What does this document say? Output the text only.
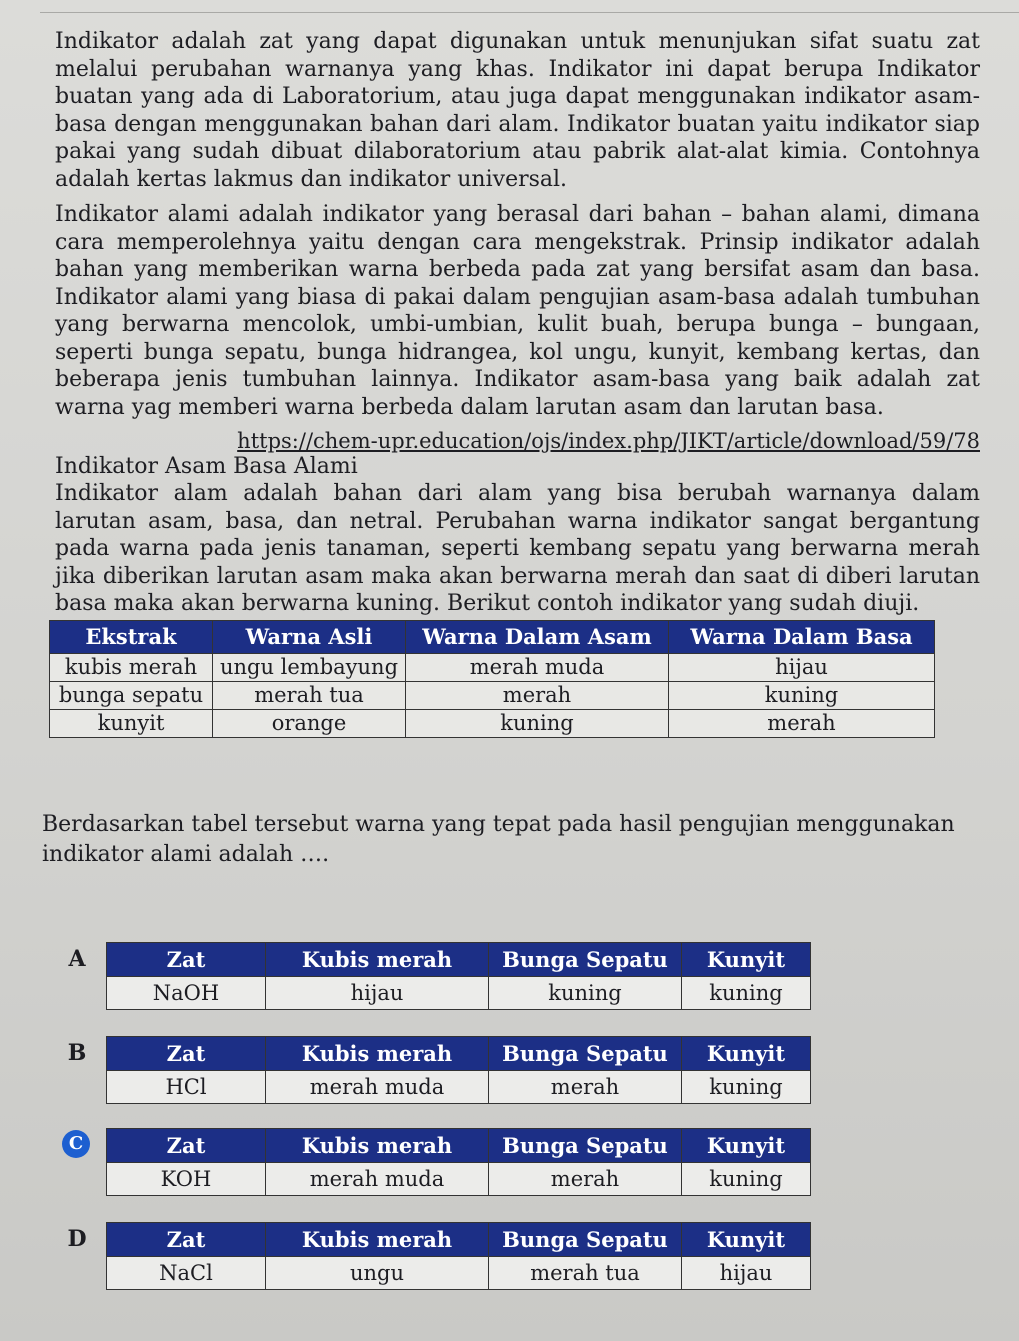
Indikator adalah zat yang dapat digunakan untuk menunjukan sifat suatu zat melalui perubahan warnanya yang khas. Indikator ini dapat berupa Indikator buatan yang ada di Laboratorium, atau juga dapat menggunakan indikator asam-basa dengan menggunakan bahan dari alam. Indikator buatan yaitu indikator siap pakai yang sudah dibuat dilaboratorium atau pabrik alat-alat kimia. Contohnya adalah kertas lakmus dan indikator universal.

Indikator alami adalah indikator yang berasal dari bahan – bahan alami, dimana cara memperolehnya yaitu dengan cara mengekstrak. Prinsip indikator adalah bahan yang memberikan warna berbeda pada zat yang bersifat asam dan basa. Indikator alami yang biasa di pakai dalam pengujian asam-basa adalah tumbuhan yang berwarna mencolok, umbi-umbian, kulit buah, berupa bunga – bungaan, seperti bunga sepatu, bunga hidrangea, kol ungu, kunyit, kembang kertas, dan beberapa jenis tumbuhan lainnya. Indikator asam-basa yang baik adalah zat warna yag memberi warna berbeda dalam larutan asam dan larutan basa.

https://chem-upr.education/ojs/index.php/JIKT/article/download/59/78

Indikator Asam Basa Alami

Indikator alam adalah bahan dari alam yang bisa berubah warnanya dalam larutan asam, basa, dan netral. Perubahan warna indikator sangat bergantung pada warna pada jenis tanaman, seperti kembang sepatu yang berwarna merah jika diberikan larutan asam maka akan berwarna merah dan saat di diberi larutan basa maka akan berwarna kuning. Berikut contoh indikator yang sudah diuji.

Ekstrak	Warna Asli	Warna Dalam Asam	Warna Dalam Basa
kubis merah	ungu lembayung	merah muda	hijau
bunga sepatu	merah tua	merah	kuning
kunyit	orange	kuning	merah

Berdasarkan tabel tersebut warna yang tepat pada hasil pengujian menggunakan indikator alami adalah ….

A	Zat	Kubis merah	Bunga Sepatu	Kunyit
NaOH	hijau	kuning	kuning
B	Zat	Kubis merah	Bunga Sepatu	Kunyit
HCl	merah muda	merah	kuning
C	Zat	Kubis merah	Bunga Sepatu	Kunyit
KOH	merah muda	merah	kuning
D	Zat	Kubis merah	Bunga Sepatu	Kunyit
NaCl	ungu	merah tua	hijau
